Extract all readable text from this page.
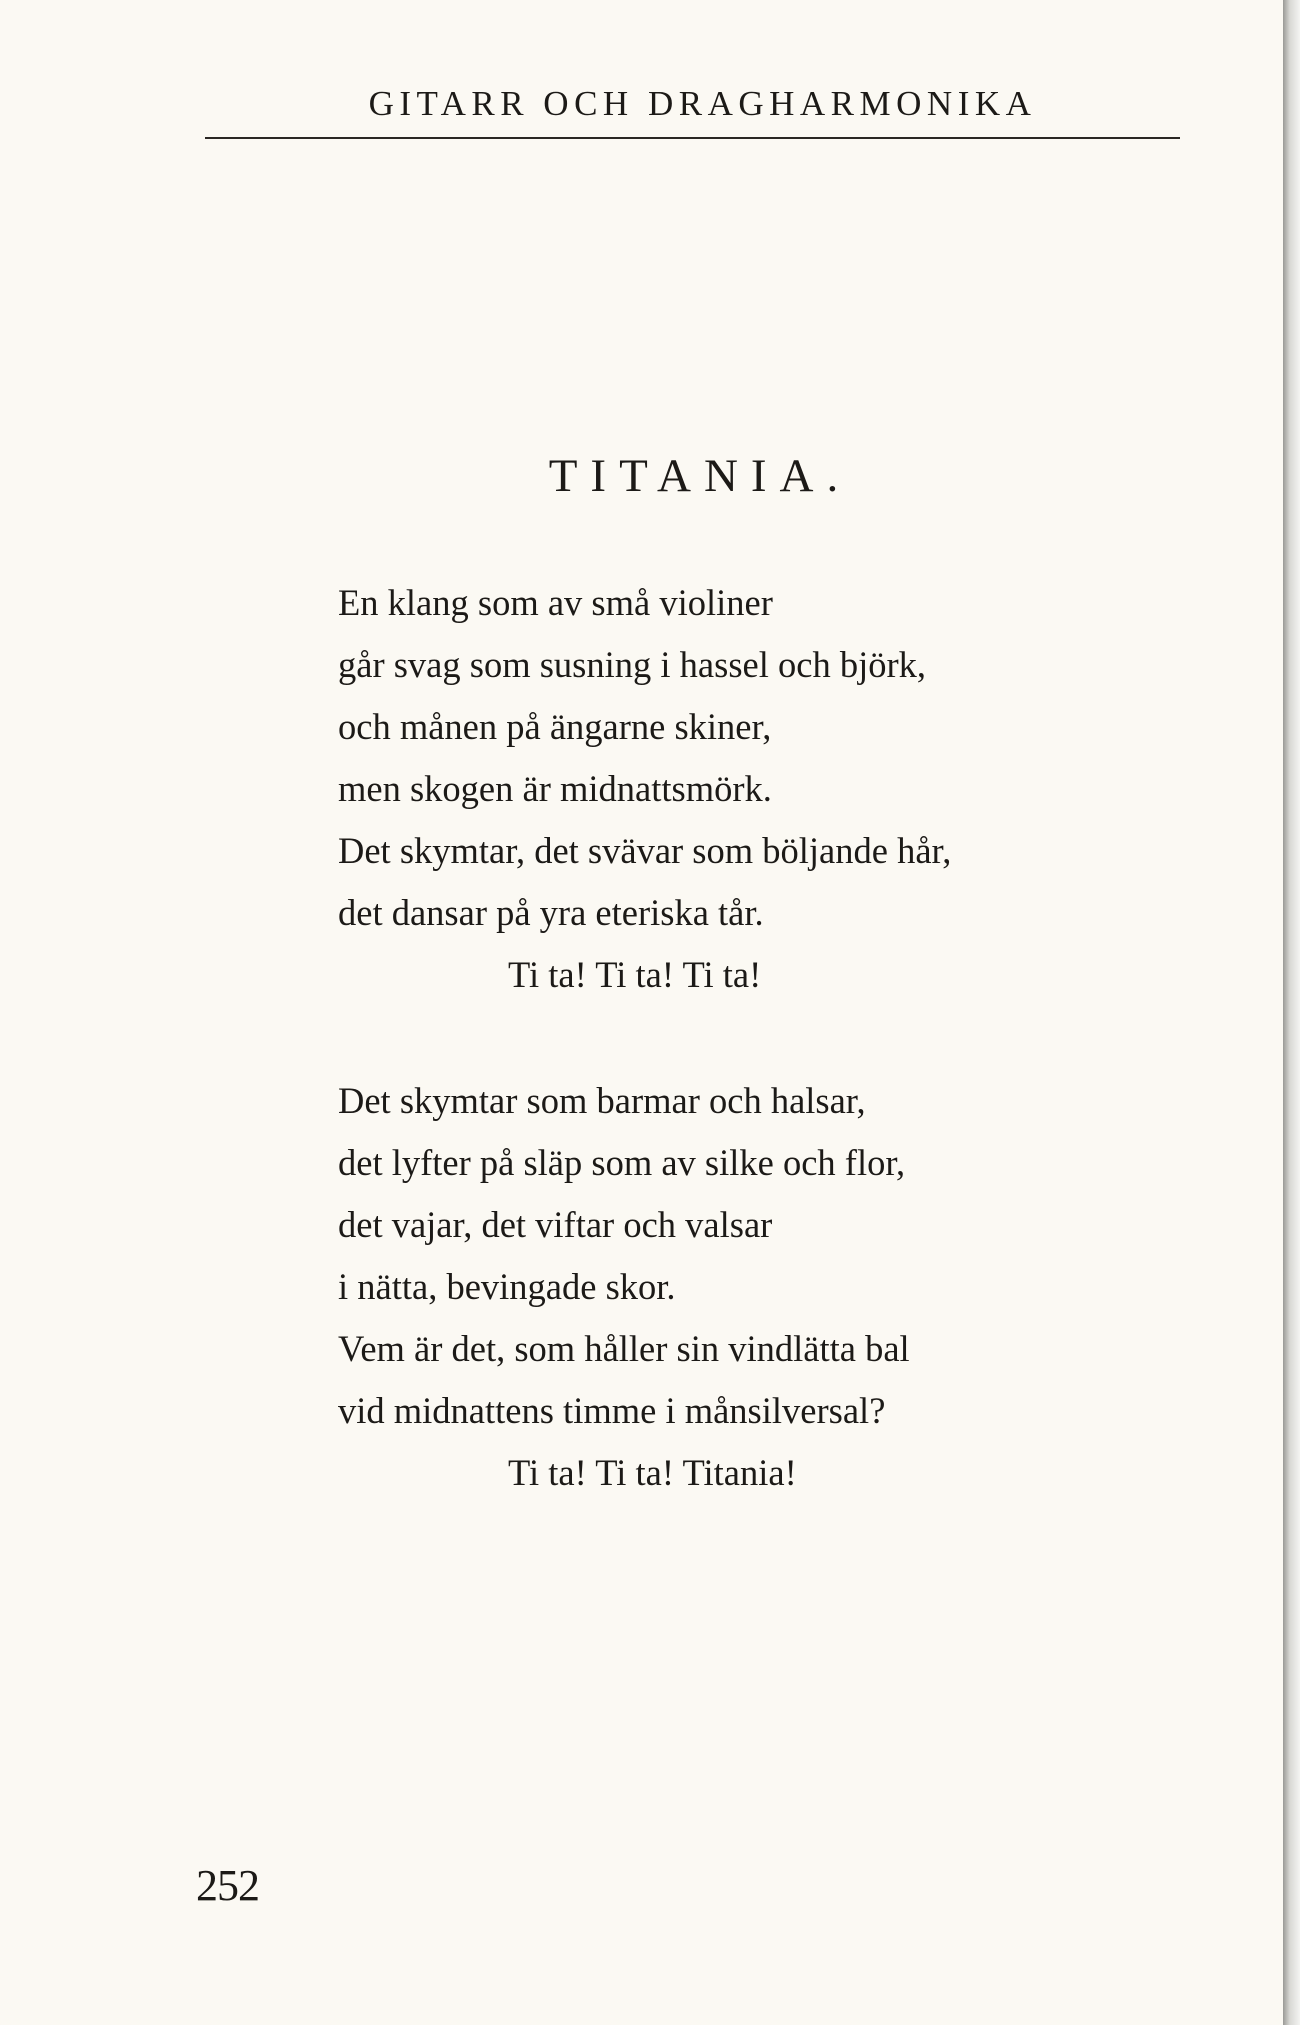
GITARR OCH DRAGHARMONIKA
TITANIA.
En klang som av små violiner
går svag som susning i hassel och björk,
och månen på ängarne skiner,
men skogen är midnattsmörk.
Det skymtar, det svävar som böljande hår,
det dansar på yra eteriska tår.
Ti ta! Ti ta! Ti ta!
Det skymtar som barmar och halsar,
det lyfter på släp som av silke och flor,
det vajar, det viftar och valsar
i nätta, bevingade skor.
Vem är det, som håller sin vindlätta bal
vid midnattens timme i månsilversal?
Ti ta! Ti ta! Titania!
252
